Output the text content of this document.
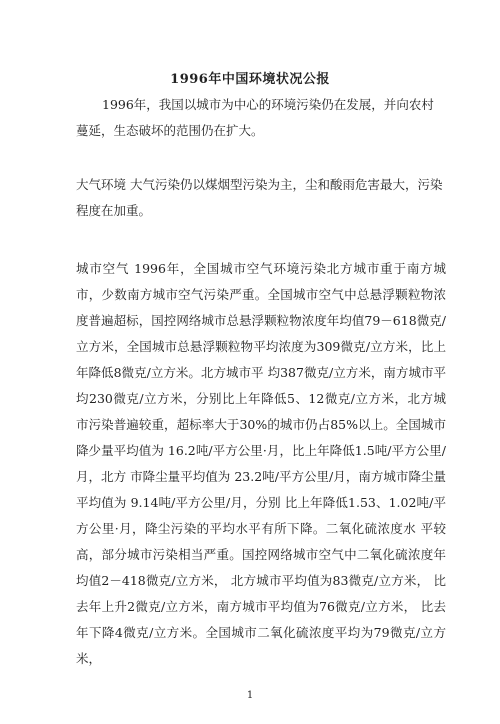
1996年中国环境状况公报
1996年，我国以城市为中心的环境污染仍在发展，并向农村蔓延，生态破坏的范围仍在扩大。
大气环境 大气污染仍以煤烟型污染为主，尘和酸雨危害最大，污染程度在加重。
城市空气 1996年，全国城市空气环境污染北方城市重于南方城市，少数南方城市空气污染严重。全国城市空气中总悬浮颗粒物浓度普遍超标，国控网络城市总悬浮颗粒物浓度年均值79－618微克/立方米，全国城市总悬浮颗粒物平均浓度为309微克/立方米，比上年降低8微克/立方米。北方城市平 均387微克/立方米，南方城市平均230微克/立方米，分别比上年降低5、12微克/立方米，北方城 市污染普遍较重，超标率大于30%的城市仍占85%以上。全国城市降少量平均值为 16.2吨/平方公里·月，比上年降低1.5吨/平方公里/月，北方 市降尘量平均值为 23.2吨/平方公里/月，南方城市降尘量平均值为 9.14吨/平方公里/月，分别 比上年降低1.53、1.02吨/平方公里·月，降尘污染的平均水平有所下降。二氧化硫浓度水 平较高，部分城市污染相当严重。国控网络城市空气中二氧化硫浓度年均值2－418微克/立方米， 北方城市平均值为83微克/立方米， 比去年上升2微克/立方米，南方城市平均值为76微克/立方米， 比去年下降4微克/立方米。全国城市二氧化硫浓度平均为79微克/立方米，
1
